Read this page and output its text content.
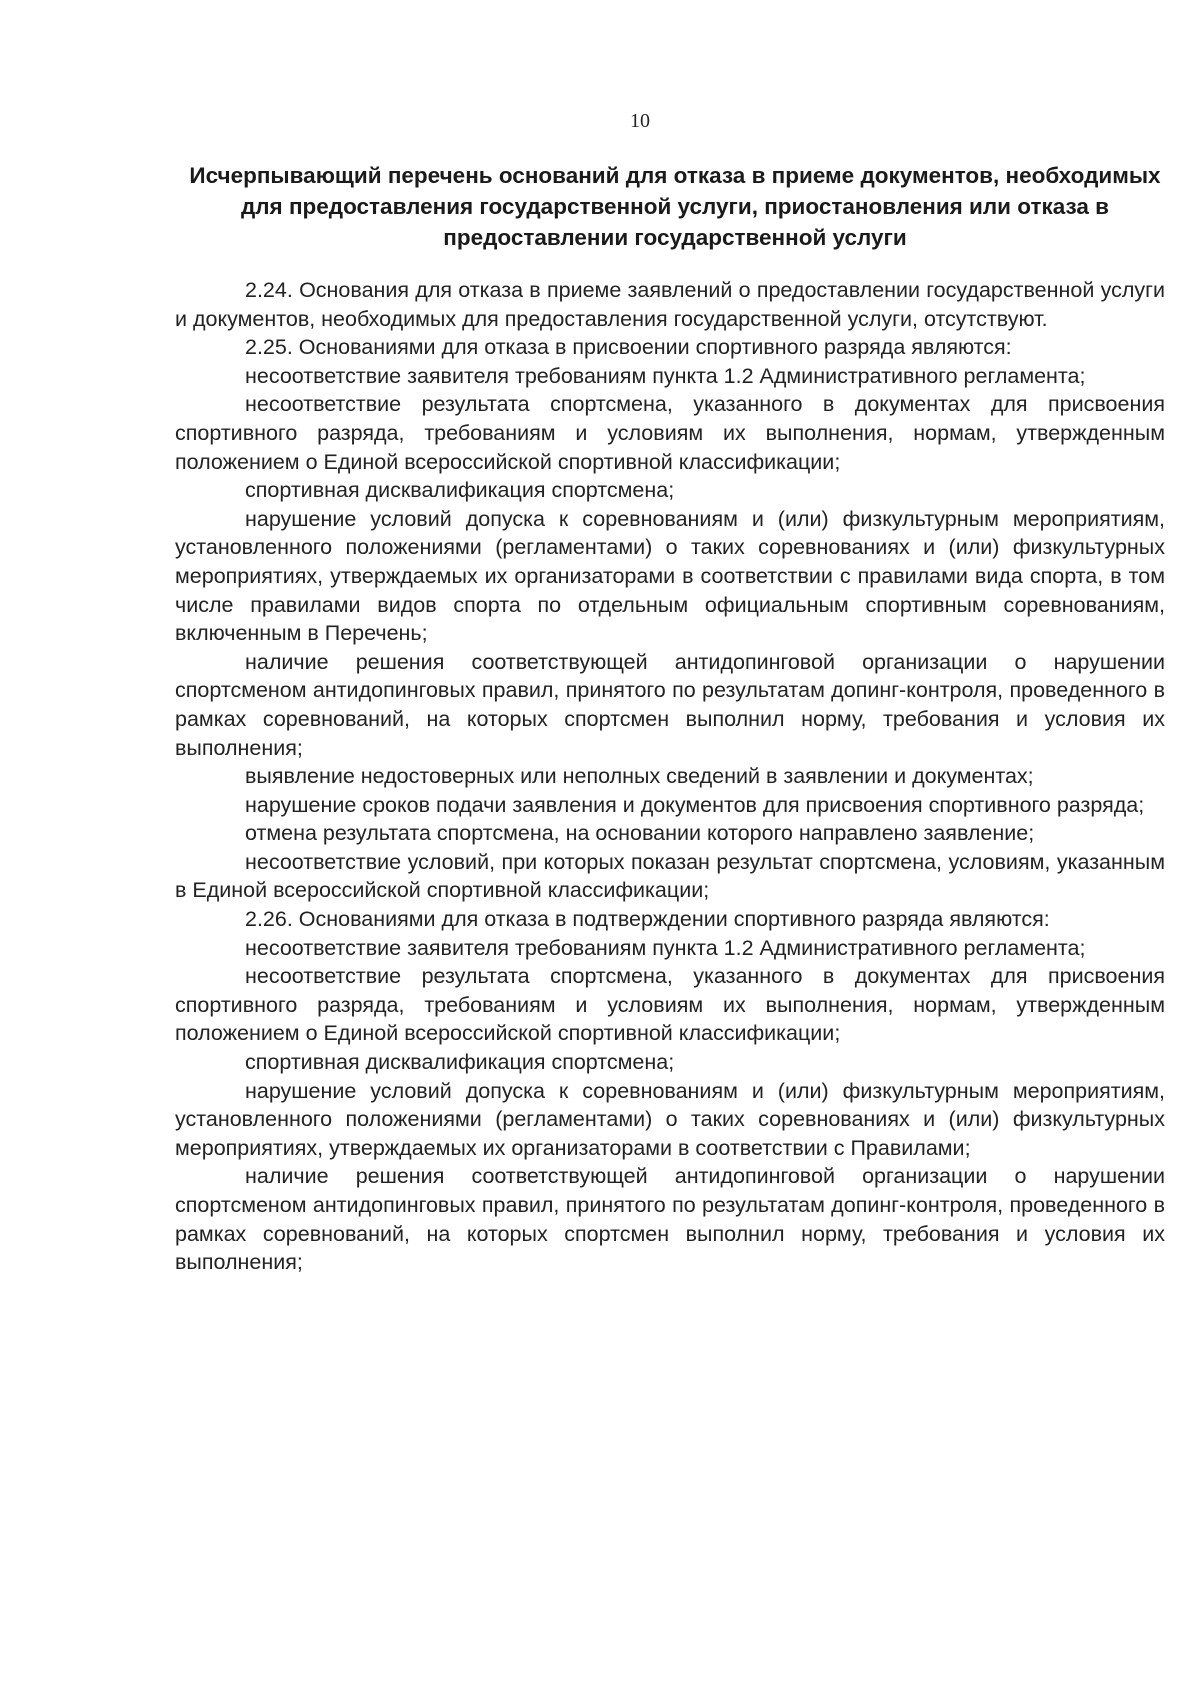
10
Исчерпывающий перечень оснований для отказа в приеме документов, необходимых для предоставления государственной услуги, приостановления или отказа в предоставлении государственной услуги

2.24. Основания для отказа в приеме заявлений о предоставлении государственной услуги и документов, необходимых для предоставления государственной услуги, отсутствуют.

2.25. Основаниями для отказа в присвоении спортивного разряда являются:

несоответствие заявителя требованиям пункта 1.2 Административного регламента;

несоответствие результата спортсмена, указанного в документах для присвоения спортивного разряда, требованиям и условиям их выполнения, нормам, утвержденным положением о Единой всероссийской спортивной классификации;

спортивная дисквалификация спортсмена;

нарушение условий допуска к соревнованиям и (или) физкультурным мероприятиям, установленного положениями (регламентами) о таких соревнованиях и (или) физкультурных мероприятиях, утверждаемых их организаторами в соответствии с правилами вида спорта, в том числе правилами видов спорта по отдельным официальным спортивным соревнованиям, включенным в Перечень;

наличие решения соответствующей антидопинговой организации о нарушении спортсменом антидопинговых правил, принятого по результатам допинг-контроля, проведенного в рамках соревнований, на которых спортсмен выполнил норму, требования и условия их выполнения;

выявление недостоверных или неполных сведений в заявлении и документах;

нарушение сроков подачи заявления и документов для присвоения спортивного разряда;

отмена результата спортсмена, на основании которого направлено заявление;

несоответствие условий, при которых показан результат спортсмена, условиям, указанным в Единой всероссийской спортивной классификации;

2.26. Основаниями для отказа в подтверждении спортивного разряда являются:

несоответствие заявителя требованиям пункта 1.2 Административного регламента;

несоответствие результата спортсмена, указанного в документах для присвоения спортивного разряда, требованиям и условиям их выполнения, нормам, утвержденным положением о Единой всероссийской спортивной классификации;

спортивная дисквалификация спортсмена;

нарушение условий допуска к соревнованиям и (или) физкультурным мероприятиям, установленного положениями (регламентами) о таких соревнованиях и (или) физкультурных мероприятиях, утверждаемых их организаторами в соответствии с Правилами;

наличие решения соответствующей антидопинговой организации о нарушении спортсменом антидопинговых правил, принятого по результатам допинг-контроля, проведенного в рамках соревнований, на которых спортсмен выполнил норму, требования и условия их выполнения;
